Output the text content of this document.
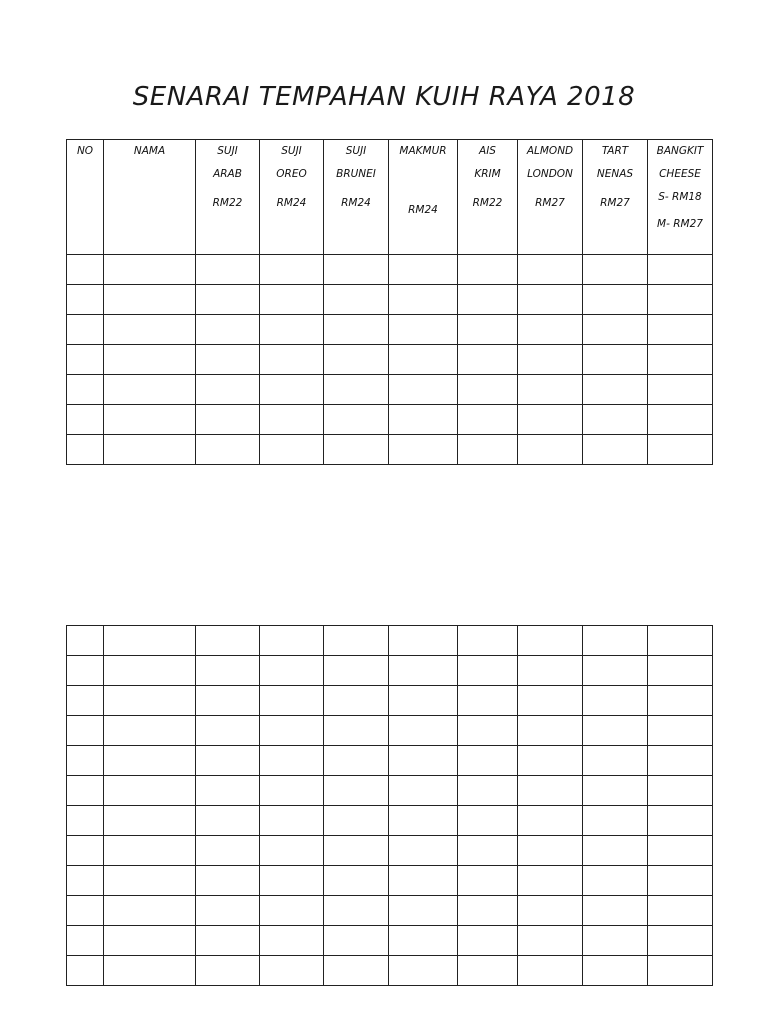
SENARAI TEMPAHAN KUIH RAYA 2018
NO	NAMA	SUJI
ARAB
RM22	SUJI
OREO
RM24	SUJI
BRUNEI
RM24	MAKMUR
RM24	AIS
KRIM
RM22	ALMOND
LONDON
RM27	TART
NENAS
RM27	BANGKIT
CHEESE
S- RM18
M- RM27
